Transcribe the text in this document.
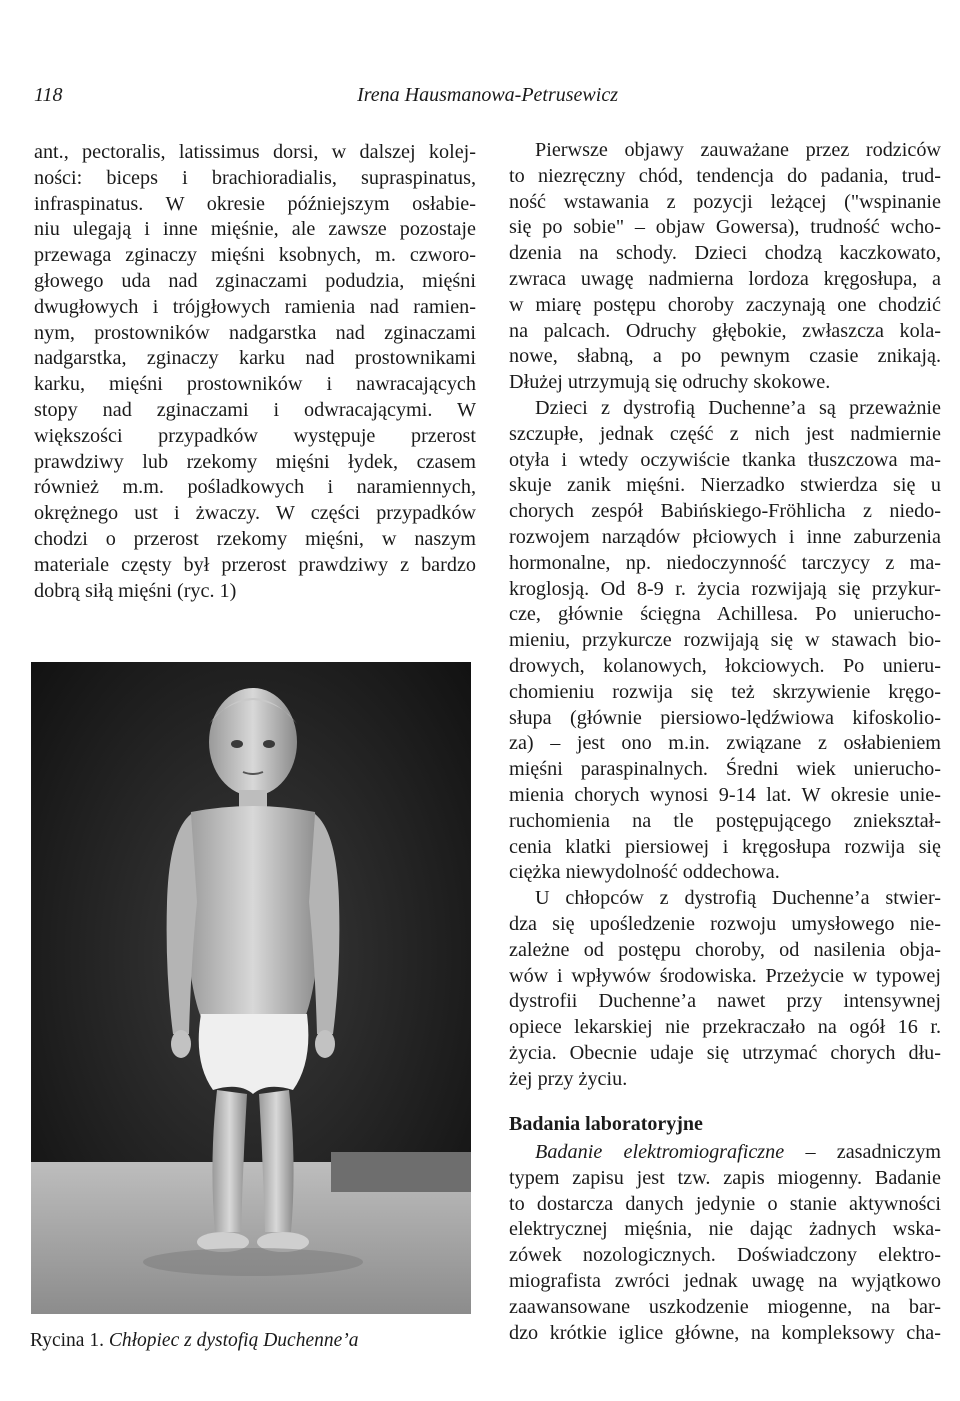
118	Irena Hausmanowa-Petrusewicz
ant., pectoralis, latissimus dorsi, w dalszej kolej-
ności: biceps i brachioradialis, supraspinatus,
infraspinatus. W okresie późniejszym osłabie-
niu ulegają i inne mięśnie, ale zawsze pozostaje
przewaga zginaczy mięśni ksobnych, m. czworo-
głowego uda nad zginaczami podudzia, mięśni
dwugłowych i trójgłowych ramienia nad ramien-
nym, prostowników nadgarstka nad zginaczami
nadgarstka, zginaczy karku nad prostownikami
karku, mięśni prostowników i nawracających
stopy nad zginaczami i odwracającymi. W
większości przypadków występuje przerost
prawdziwy lub rzekomy mięśni łydek, czasem
również m.m. pośladkowych i naramiennych,
okrężnego ust i żwaczy. W części przypadków
chodzi o przerost rzekomy mięśni, w naszym
materiale częsty był przerost prawdziwy z bardzo
dobrą siłą mięśni (ryc. 1)
Rycina 1. Chłopiec z dystofią Duchenne’a
Pierwsze objawy zauważane przez rodziców
to niezręczny chód, tendencja do padania, trud-
ność wstawania z pozycji leżącej ("wspinanie
się po sobie" – objaw Gowersa), trudność wcho-
dzenia na schody. Dzieci chodzą kaczkowato,
zwraca uwagę nadmierna lordoza kręgosłupa, a
w miarę postępu choroby zaczynają one chodzić
na palcach. Odruchy głębokie, zwłaszcza kola-
nowe, słabną, a po pewnym czasie znikają.
Dłużej utrzymują się odruchy skokowe.
Dzieci z dystrofią Duchenne’a są przeważnie
szczupłe, jednak część z nich jest nadmiernie
otyła i wtedy oczywiście tkanka tłuszczowa ma-
skuje zanik mięśni. Nierzadko stwierdza się u
chorych zespół Babińskiego-Fröhlicha z niedo-
rozwojem narządów płciowych i inne zaburzenia
hormonalne, np. niedoczynność tarczycy z ma-
kroglosją. Od 8-9 r. życia rozwijają się przykur-
cze, głównie ścięgna Achillesa. Po unierucho-
mieniu, przykurcze rozwijają się w stawach bio-
drowych, kolanowych, łokciowych. Po unieru-
chomieniu rozwija się też skrzywienie kręgo-
słupa (głównie piersiowo-lędźwiowa kifoskolio-
za) – jest ono m.in. związane z osłabieniem
mięśni paraspinalnych. Średni wiek unierucho-
mienia chorych wynosi 9-14 lat. W okresie unie-
ruchomienia na tle postępującego zniekształ-
cenia klatki piersiowej i kręgosłupa rozwija się
ciężka niewydolność oddechowa.
U chłopców z dystrofią Duchenne’a stwier-
dza się upośledzenie rozwoju umysłowego nie-
zależne od postępu choroby, od nasilenia obja-
wów i wpływów środowiska. Przeżycie w typowej
dystrofii Duchenne’a nawet przy intensywnej
opiece lekarskiej nie przekraczało na ogół 16 r.
życia. Obecnie udaje się utrzymać chorych dłu-
żej przy życiu.
Badania laboratoryjne
Badanie elektromiograficzne – zasadniczym
typem zapisu jest tzw. zapis miogenny. Badanie
to dostarcza danych jedynie o stanie aktywności
elektrycznej mięśnia, nie dając żadnych wska-
zówek nozologicznych. Doświadczony elektro-
miografista zwróci jednak uwagę na wyjątkowo
zaawansowane uszkodzenie miogenne, na bar-
dzo krótkie iglice główne, na kompleksowy cha-
